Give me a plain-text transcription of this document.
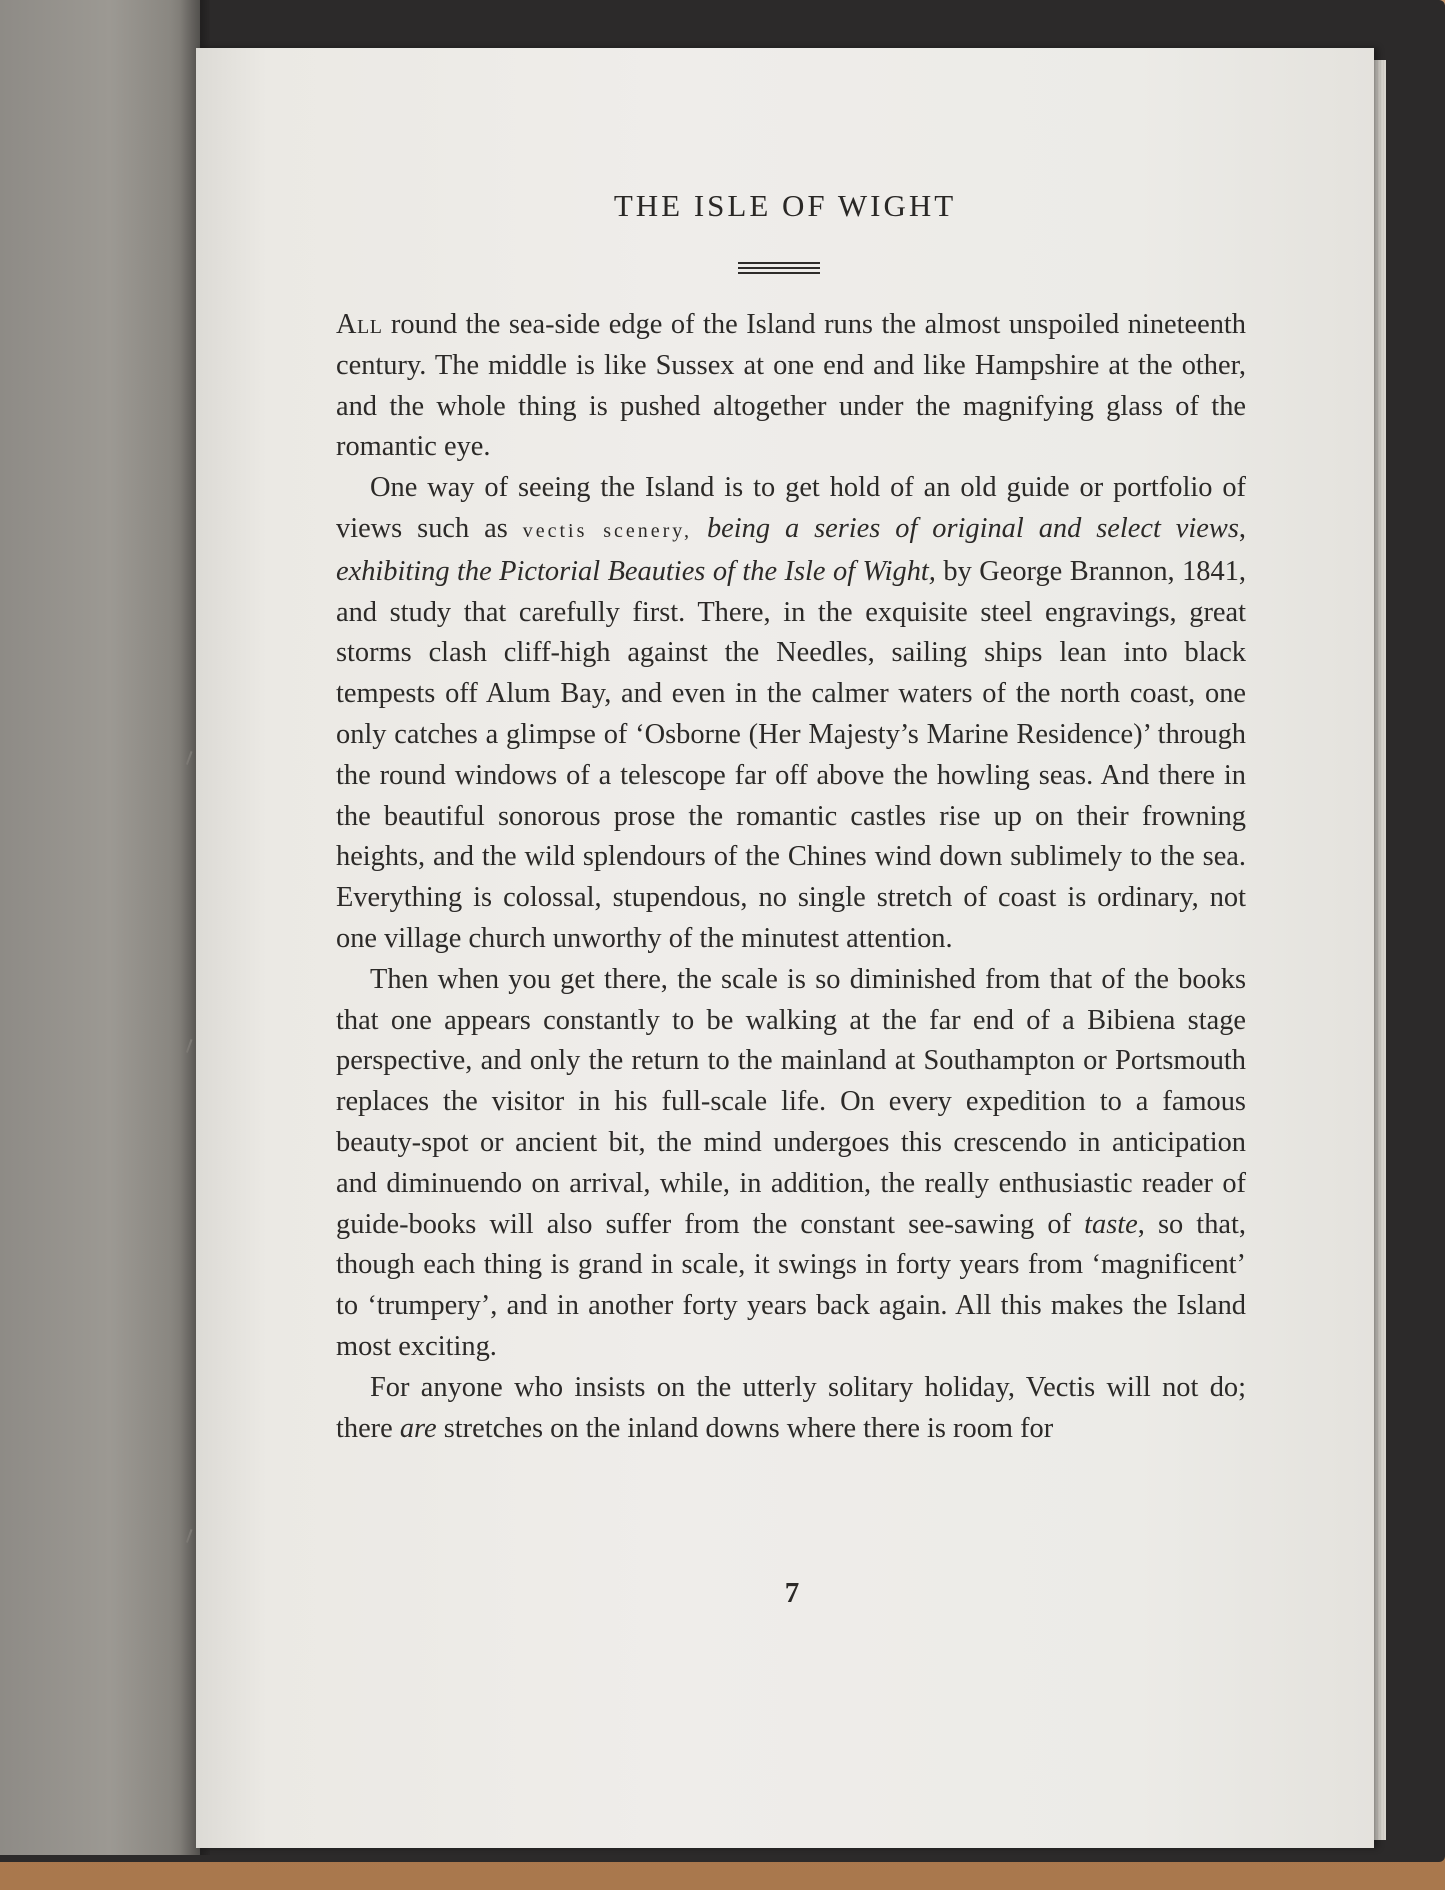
THE ISLE OF WIGHT

All round the sea-side edge of the Island runs the almost unspoiled nineteenth century. The middle is like Sussex at one end and like Hampshire at the other, and the whole thing is pushed altogether under the magnifying glass of the romantic eye.

One way of seeing the Island is to get hold of an old guide or portfolio of views such as vectis scenery, being a series of original and select views, exhibiting the Pictorial Beauties of the Isle of Wight, by George Brannon, 1841, and study that carefully first. There, in the exquisite steel engravings, great storms clash cliff-high against the Needles, sailing ships lean into black tempests off Alum Bay, and even in the calmer waters of the north coast, one only catches a glimpse of ‘Osborne (Her Majesty’s Marine Residence)’ through the round windows of a telescope far off above the howling seas. And there in the beautiful sonorous prose the romantic castles rise up on their frowning heights, and the wild splendours of the Chines wind down sublimely to the sea. Everything is colossal, stupendous, no single stretch of coast is ordinary, not one village church unworthy of the minutest attention.

Then when you get there, the scale is so diminished from that of the books that one appears constantly to be walking at the far end of a Bibiena stage perspective, and only the return to the mainland at Southampton or Portsmouth replaces the visitor in his full-scale life. On every expedition to a famous beauty-spot or ancient bit, the mind undergoes this crescendo in anticipation and diminuendo on arrival, while, in addition, the really enthusiastic reader of guide-books will also suffer from the constant see-sawing of taste, so that, though each thing is grand in scale, it swings in forty years from ‘magnificent’ to ‘trumpery’, and in another forty years back again. All this makes the Island most exciting.

For anyone who insists on the utterly solitary holiday, Vectis will not do; there are stretches on the inland downs where there is room for

7
